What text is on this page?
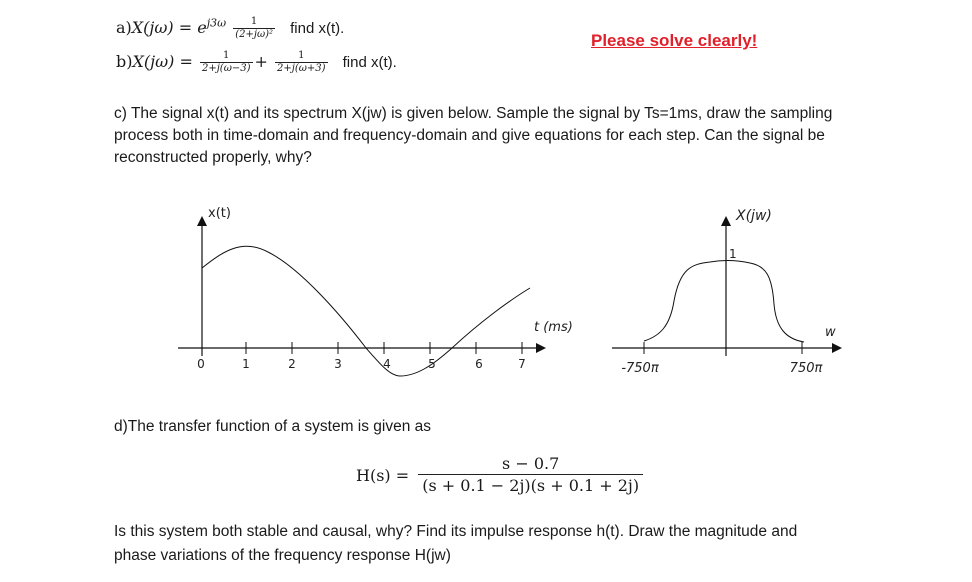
$a)X(j\omega) = e^{j3\omega} \frac{1}{\text{(2+jω)²}}$ find x(t).
$b)X(j\omega) = \frac{1}{2+j(\omega-3)} + \frac{1}{2+j(\omega+3)}$ find x(t).
Please solve clearly!
c) The signal x(t) and its spectrum X(jw) is given below. Sample the signal by Ts=1ms, draw the sampling
process both in time-domain and frequency-domain and give equations for each step. Can the signal be
reconstructed properly, why?
0	1	2	3	4	5	6	7
x(t)
t (ms)
1
X(jw)
w
-750π	750π
d)The transfer function of a system is given as
$H(s) = \frac{s - 0.7}{(s + 0.1 - 2j)(s + 0.1 + 2j)}$
Is this system both stable and causal, why? Find its impulse response h(t). Draw the magnitude and
phase variations of the frequency response H(jw)
